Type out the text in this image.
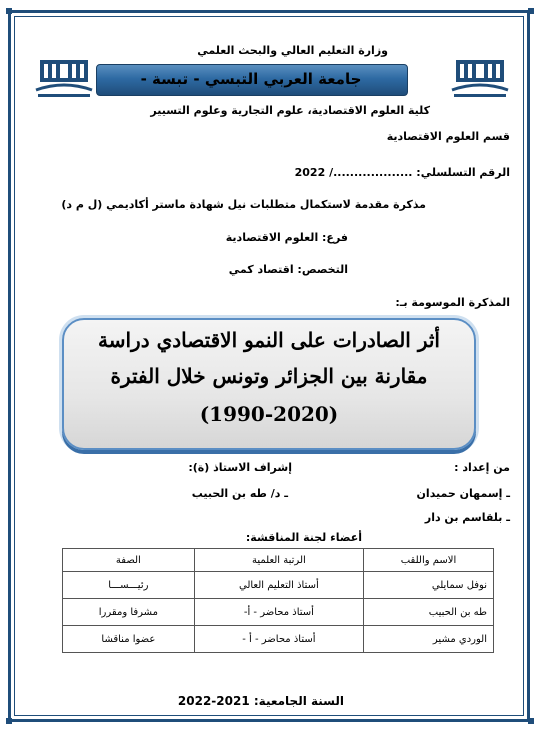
وزارة التعليم العالي والبحث العلمي
جامعة العربي التبسي - تبسة -
كلية العلوم الاقتصادية، علوم التجارية وعلوم التسيير
قسم العلوم الاقتصادية
الرقم التسلسلي: .................../ 2022
مذكرة مقدمة لاستكمال متطلبات نيل شهادة ماستر أكاديمي (ل م د)
فرع: العلوم الاقتصادية
التخصص: اقتصاد كمي
المذكرة الموسومة بـ:
أثر الصادرات على النمو الاقتصادي دراسة
مقارنة بين الجزائر وتونس خلال الفترة
(1990-2020)
من إعداد :
إشراف الاستاذ (ة):
ـ إسمهان حميدان
ـ د/ طه بن الحبيب
ـ بلقاسم بن دار
أعضاء لجنة المناقشة:
الاسم واللقب	الرتبة العلمية	الصفة
نوفل سمايلي	أستاذ التعليم العالي	رئيـــســـا
طه بن الحبيب	أستاذ محاضر - أ-	مشرفا ومقررا
الوردي مشير	أستاذ محاضر - أ -	عضوا مناقشا
السنة الجامعية: 2021-2022
